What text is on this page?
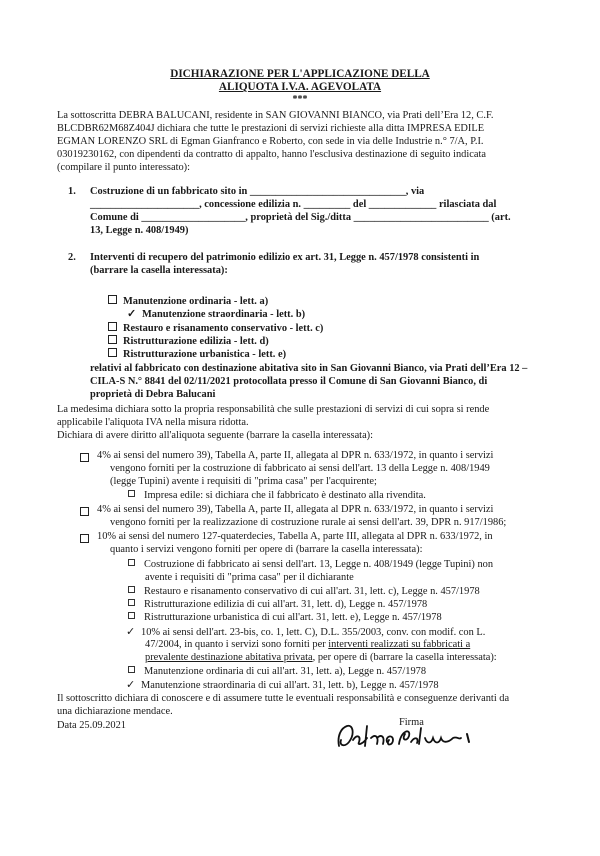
DICHIARAZIONE PER L'APPLICAZIONE DELLA
ALIQUOTA I.V.A. AGEVOLATA
***
La sottoscritta DEBRA BALUCANI, residente in SAN GIOVANNI BIANCO, via Prati dell’Era 12, C.F.
BLCDBR62M68Z404J dichiara che tutte le prestazioni di servizi richieste alla ditta IMPRESA EDILE
EGMAN LORENZO SRL di Egman Gianfranco e Roberto, con sede in via delle Industrie n.° 7/A, P.I.
03019230162, con dipendenti da contratto di appalto, hanno l'esclusiva destinazione di seguito indicata
(compilare il punto interessato):
1. Costruzione di un fabbricato sito in ______________________________, via
_____________________, concessione edilizia n. _________ del _____________ rilasciata dal
Comune di ____________________, proprietà del Sig./ditta __________________________ (art.
13, Legge n. 408/1949)
2. Interventi di recupero del patrimonio edilizio ex art. 31, Legge n. 457/1978 consistenti in
(barrare la casella interessata):
Manutenzione ordinaria - lett. a)
✓ Manutenzione straordinaria - lett. b)
Restauro e risanamento conservativo - lett. c)
Ristrutturazione edilizia - lett. d)
Ristrutturazione urbanistica - lett. e)
relativi al fabbricato con destinazione abitativa sito in San Giovanni Bianco, via Prati dell’Era 12 –
CILA-S N.° 8841 del 02/11/2021 protocollata presso il Comune di San Giovanni Bianco, di
proprietà di Debra Balucani
La medesima dichiara sotto la propria responsabilità che sulle prestazioni di servizi di cui sopra si rende
applicabile l'aliquota IVA nella misura ridotta.
Dichiara di avere diritto all'aliquota seguente (barrare la casella interessata):
4% ai sensi del numero 39), Tabella A, parte II, allegata al DPR n. 633/1972, in quanto i servizi
vengono forniti per la costruzione di fabbricato ai sensi dell'art. 13 della Legge n. 408/1949
(legge Tupini) avente i requisiti di "prima casa" per l'acquirente;
Impresa edile: si dichiara che il fabbricato è destinato alla rivendita.
4% ai sensi del numero 39), Tabella A, parte II, allegata al DPR n. 633/1972, in quanto i servizi
vengono forniti per la realizzazione di costruzione rurale ai sensi dell'art. 39, DPR n. 917/1986;
10% ai sensi del numero 127-quaterdecies, Tabella A, parte III, allegata al DPR n. 633/1972, in
quanto i servizi vengono forniti per opere di (barrare la casella interessata):
Costruzione di fabbricato ai sensi dell'art. 13, Legge n. 408/1949 (legge Tupini) non
avente i requisiti di "prima casa" per il dichiarante
Restauro e risanamento conservativo di cui all'art. 31, lett. c), Legge n. 457/1978
Ristrutturazione edilizia di cui all'art. 31, lett. d), Legge n. 457/1978
Ristrutturazione urbanistica di cui all'art. 31, lett. e), Legge n. 457/1978
✓ 10% ai sensi dell'art. 23-bis, co. 1, lett. C), D.L. 355/2003, conv. con modif. con L.
47/2004, in quanto i servizi sono forniti per interventi realizzati su fabbricati a
prevalente destinazione abitativa privata, per opere di (barrare la casella interessata):
Manutenzione ordinaria di cui all'art. 31, lett. a), Legge n. 457/1978
✓ Manutenzione straordinaria di cui all'art. 31, lett. b), Legge n. 457/1978
Il sottoscritto dichiara di conoscere e di assumere tutte le eventuali responsabilità e conseguenze derivanti da
una dichiarazione mendace.
Data 25.09.2021	Firma
